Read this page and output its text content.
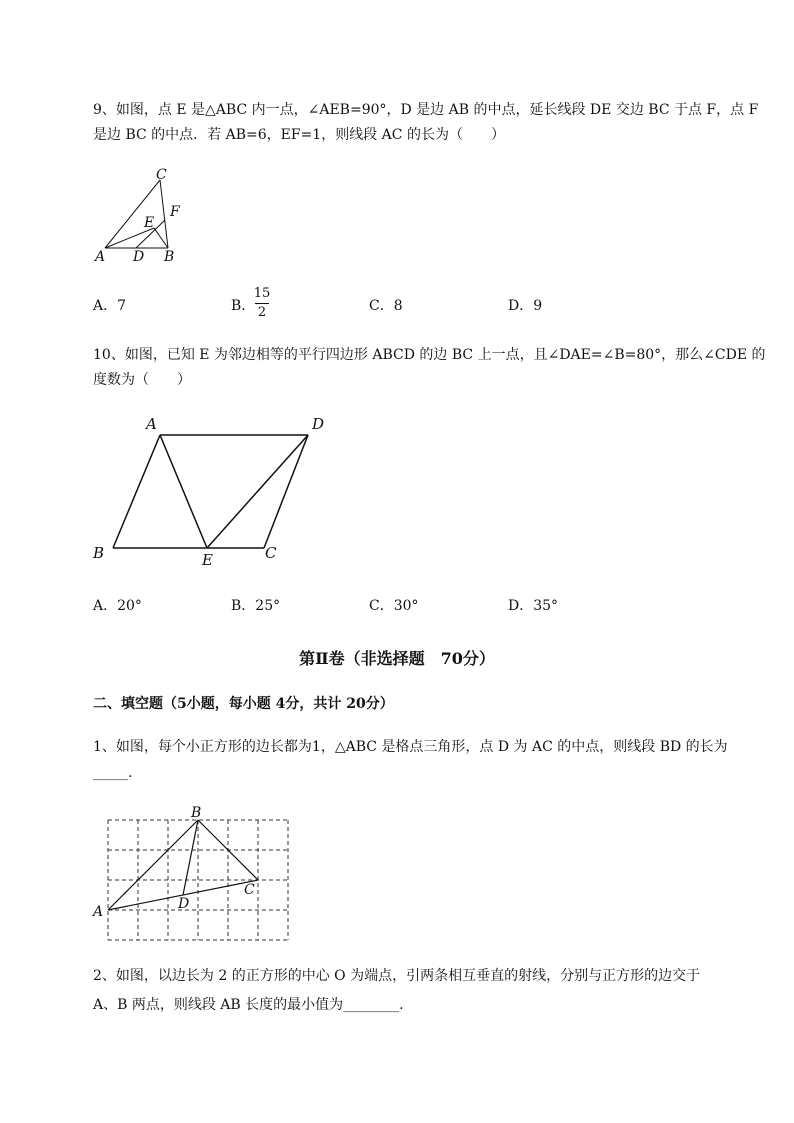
9、如图，点 E 是△ABC 内一点，∠AEB=90°，D 是边 AB 的中点，延长线段 DE 交边 BC 于点 F，点 F
是边 BC 的中点．若 AB=6，EF=1，则线段 AC 的长为（　　）
C
F
E
A D B
A．7	B．
15
2	C．8	D．9
10、如图，已知 E 为邻边相等的平行四边形 ABCD 的边 BC 上一点，且∠DAE=∠B=80°，那么∠CDE 的
度数为（　　）
A	D
B	E	C
A．20°	B．25°	C．30°	D．35°
第Ⅱ卷（非选择题　70分）
二、填空题（5小题，每小题 4分，共计 20分）
1、如图，每个小正方形的边长都为1，△ABC 是格点三角形，点 D 为 AC 的中点，则线段 BD 的长为
_____.
B
C
A	D
2、如图，以边长为 2 的正方形的中心 O 为端点，引两条相互垂直的射线，分别与正方形的边交于
A、B 两点，则线段 AB 长度的最小值为________.
